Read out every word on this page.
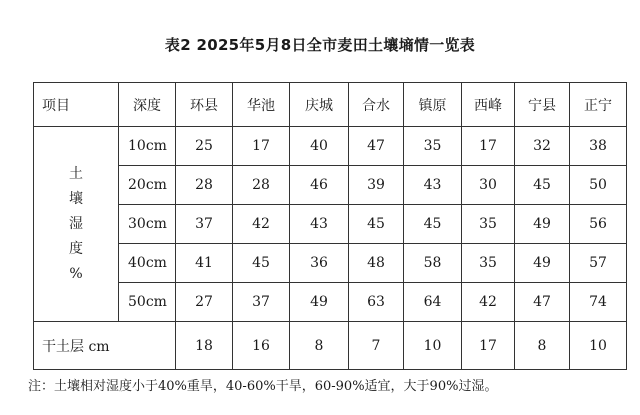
表2 2025年5月8日全市麦田土壤墒情一览表
项目	深度	环县	华池	庆城	合水	镇原	西峰	宁县	正宁

土
壤
湿
度
%	10cm	25	17	40	47	35	17	32	38
	20cm	28	28	46	39	43	30	45	50
	30cm	37	42	43	45	45	35	49	56
	40cm	41	45	36	48	58	35	49	57
	50cm	27	37	49	63	64	42	47	74
干土层 cm		18	16	8	7	10	17	8	10
注：土壤相对湿度小于40%重旱，40-60%干旱，60-90%适宜，大于90%过湿。
